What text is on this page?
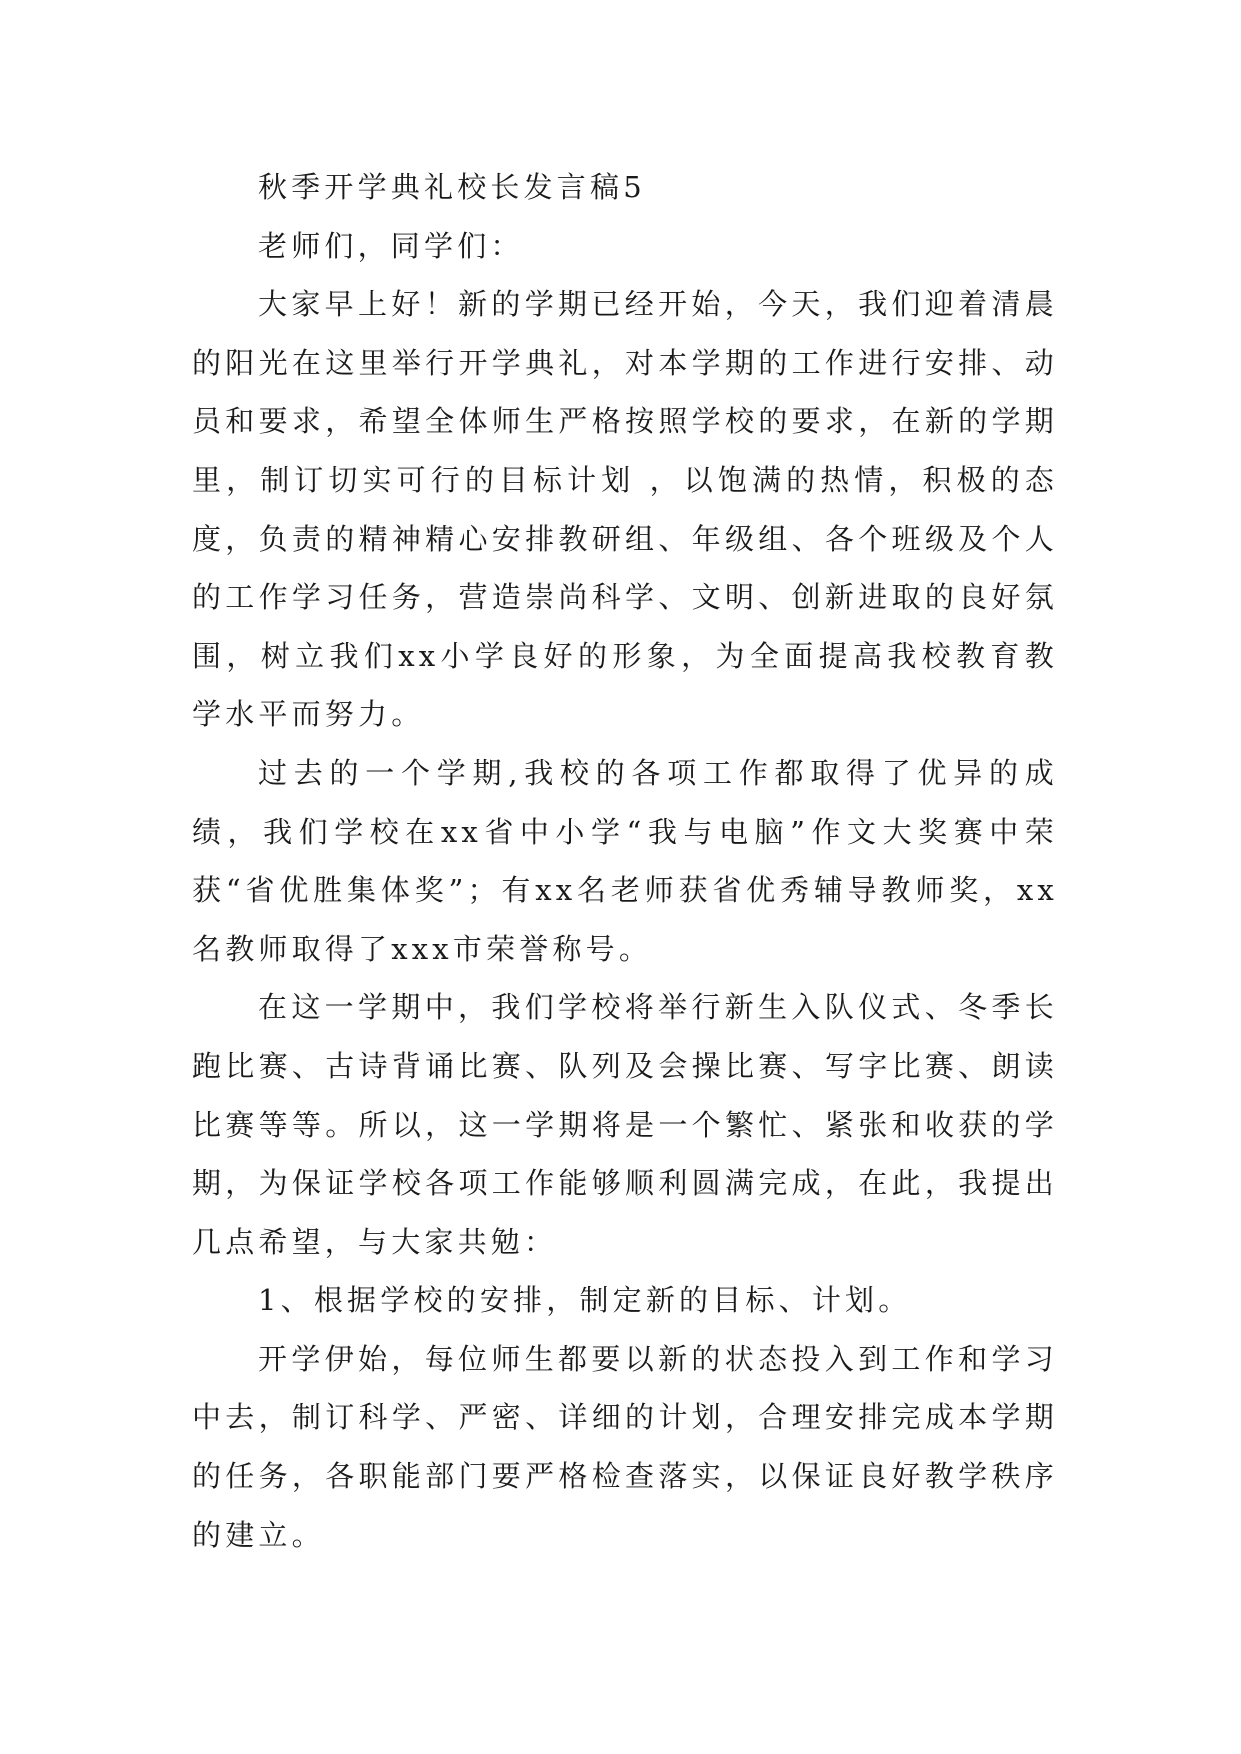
秋季开学典礼校长发言稿5

老师们，同学们：

大家早上好！新的学期已经开始，今天，我们迎着清晨的阳光在这里举行开学典礼，对本学期的工作进行安排、动员和要求，希望全体师生严格按照学校的要求，在新的学期里，制订切实可行的目标计划 ，以饱满的热情，积极的态度，负责的精神精心安排教研组、年级组、各个班级及个人的工作学习任务，营造崇尚科学、文明、创新进取的良好氛围，树立我们xx小学良好的形象，为全面提高我校教育教学水平而努力。

过去的一个学期,我校的各项工作都取得了优异的成绩，我们学校在xx省中小学“我与电脑”作文大奖赛中荣获“省优胜集体奖”；有xx名老师获省优秀辅导教师奖，xx名教师取得了xxx市荣誉称号。

在这一学期中，我们学校将举行新生入队仪式、冬季长跑比赛、古诗背诵比赛、队列及会操比赛、写字比赛、朗读比赛等等。所以，这一学期将是一个繁忙、紧张和收获的学期，为保证学校各项工作能够顺利圆满完成，在此，我提出几点希望，与大家共勉：

1、根据学校的安排，制定新的目标、计划。

开学伊始，每位师生都要以新的状态投入到工作和学习中去，制订科学、严密、详细的计划，合理安排完成本学期的任务，各职能部门要严格检查落实，以保证良好教学秩序的建立。
